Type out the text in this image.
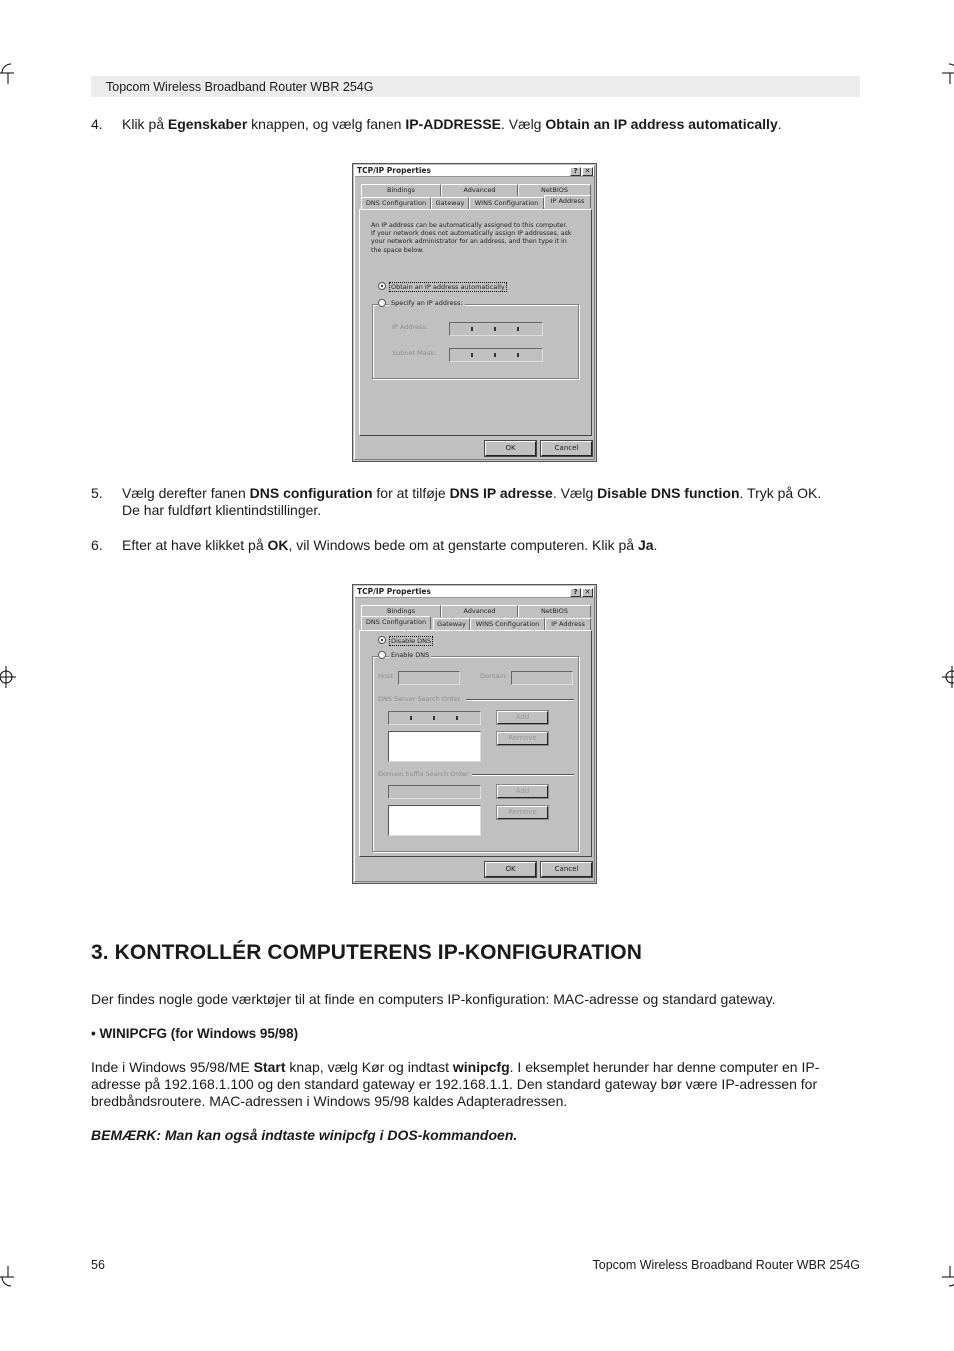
Topcom Wireless Broadband Router WBR 254G
4. Klik på Egenskaber knappen, og vælg fanen IP-ADDRESSE. Vælg Obtain an IP address automatically.
TCP/IP Properties	?	✕
Bindings	Advanced	NetBIOS
DNS Configuration	Gateway	WINS Configuration	IP Address
An IP address can be automatically assigned to this computer.
If your network does not automatically assign IP addresses, ask
your network administrator for an address, and then type it in
the space below.
Obtain an IP address automatically
Specify an IP address:
IP Address:
Subnet Mask:
OK	Cancel
5. Vælg derefter fanen DNS configuration for at tilføje DNS IP adresse. Vælg Disable DNS function. Tryk på OK.
De har fuldført klientindstillinger.
6. Efter at have klikket på OK, vil Windows bede om at genstarte computeren. Klik på Ja.
TCP/IP Properties	?	✕
Bindings	Advanced	NetBIOS
DNS Configuration	Gateway	WINS Configuration	IP Address
Disable DNS
Enable DNS
Host:	Domain:
DNS Server Search Order
Add
Remove
Domain Suffix Search Order
Add
Remove
OK	Cancel
3. KONTROLLÉR COMPUTERENS IP-KONFIGURATION
Der findes nogle gode værktøjer til at finde en computers IP-konfiguration: MAC-adresse og standard gateway.
• WINIPCFG (for Windows 95/98)
Inde i Windows 95/98/ME Start knap, vælg Kør og indtast winipcfg. I eksemplet herunder har denne computer en IP-
adresse på 192.168.1.100 og den standard gateway er 192.168.1.1. Den standard gateway bør være IP-adressen for
bredbåndsroutere. MAC-adressen i Windows 95/98 kaldes Adapteradressen.
BEMÆRK: Man kan også indtaste winipcfg i DOS-kommandoen.
56	Topcom Wireless Broadband Router WBR 254G
